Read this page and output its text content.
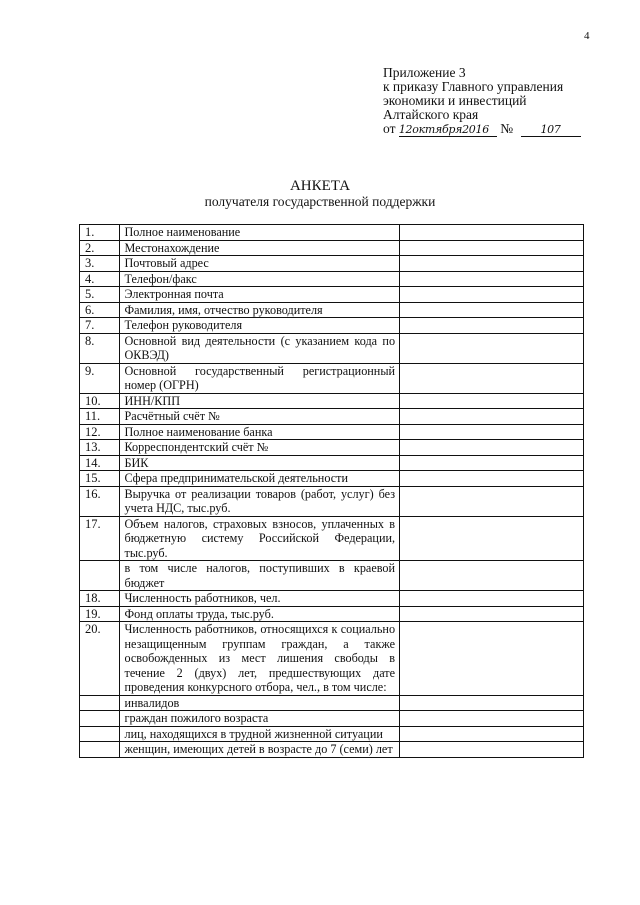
4
Приложение 3
к приказу Главного управления
экономики и инвестиций
Алтайского края
от 12октября2016 № 107
АНКЕТА
получателя государственной поддержки
1.	Полное наименование	
2.	Местонахождение	
3.	Почтовый адрес	
4.	Телефон/факс	
5.	Электронная почта	
6.	Фамилия, имя, отчество руководителя	
7.	Телефон руководителя	
8.	Основной вид деятельности (с указанием кода по ОКВЭД)	
9.	Основной государственный регистрационный номер (ОГРН)	
10.	ИНН/КПП	
11.	Расчётный счёт №	
12.	Полное наименование банка	
13.	Корреспондентский счёт №	
14.	БИК	
15.	Сфера предпринимательской деятельности	
16.	Выручка от реализации товаров (работ, услуг) без учета НДС, тыс.руб.	
17.	Объем налогов, страховых взносов, уплаченных в бюджетную систему Российской Федерации, тыс.руб.	
	в том числе налогов, поступивших в краевой бюджет	
18.	Численность работников, чел.	
19.	Фонд оплаты труда, тыс.руб.	
20.	Численность работников, относящихся к социально незащищенным группам граждан, а также освобожденных из мест лишения свободы в течение 2 (двух) лет, предшествующих дате проведения конкурсного отбора, чел., в том числе:	
	инвалидов	
	граждан пожилого возраста	
	лиц, находящихся в трудной жизненной ситуации	
	женщин, имеющих детей в возрасте до 7 (семи) лет	
